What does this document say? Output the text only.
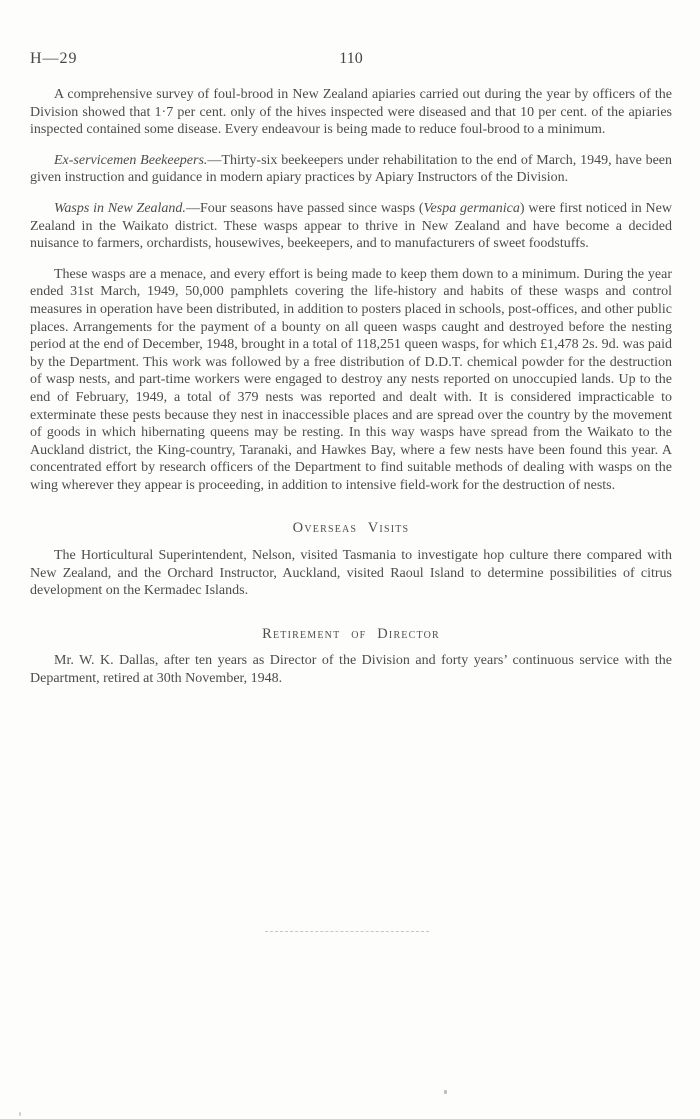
H—29	110

A comprehensive survey of foul-brood in New Zealand apiaries carried out during the year by officers of the Division showed that 1·7 per cent. only of the hives inspected were diseased and that 10 per cent. of the apiaries inspected contained some disease. Every endeavour is being made to reduce foul-brood to a minimum.

Ex-servicemen Beekeepers.—Thirty-six beekeepers under rehabilitation to the end of March, 1949, have been given instruction and guidance in modern apiary practices by Apiary Instructors of the Division.

Wasps in New Zealand.—Four seasons have passed since wasps (Vespa germanica) were first noticed in New Zealand in the Waikato district. These wasps appear to thrive in New Zealand and have become a decided nuisance to farmers, orchardists, housewives, beekeepers, and to manufacturers of sweet foodstuffs.

These wasps are a menace, and every effort is being made to keep them down to a minimum. During the year ended 31st March, 1949, 50,000 pamphlets covering the life-history and habits of these wasps and control measures in operation have been distributed, in addition to posters placed in schools, post-offices, and other public places. Arrangements for the payment of a bounty on all queen wasps caught and destroyed before the nesting period at the end of December, 1948, brought in a total of 118,251 queen wasps, for which £1,478 2s. 9d. was paid by the Department. This work was followed by a free distribution of D.D.T. chemical powder for the destruction of wasp nests, and part-time workers were engaged to destroy any nests reported on unoccupied lands. Up to the end of February, 1949, a total of 379 nests was reported and dealt with. It is considered impracticable to exterminate these pests because they nest in inaccessible places and are spread over the country by the movement of goods in which hibernating queens may be resting. In this way wasps have spread from the Waikato to the Auckland district, the King-country, Taranaki, and Hawkes Bay, where a few nests have been found this year. A concentrated effort by research officers of the Department to find suitable methods of dealing with wasps on the wing wherever they appear is proceeding, in addition to intensive field-work for the destruction of nests.

Overseas Visits

The Horticultural Superintendent, Nelson, visited Tasmania to investigate hop culture there compared with New Zealand, and the Orchard Instructor, Auckland, visited Raoul Island to determine possibilities of citrus development on the Kermadec Islands.

Retirement of Director

Mr. W. K. Dallas, after ten years as Director of the Division and forty years’ continuous service with the Department, retired at 30th November, 1948.
